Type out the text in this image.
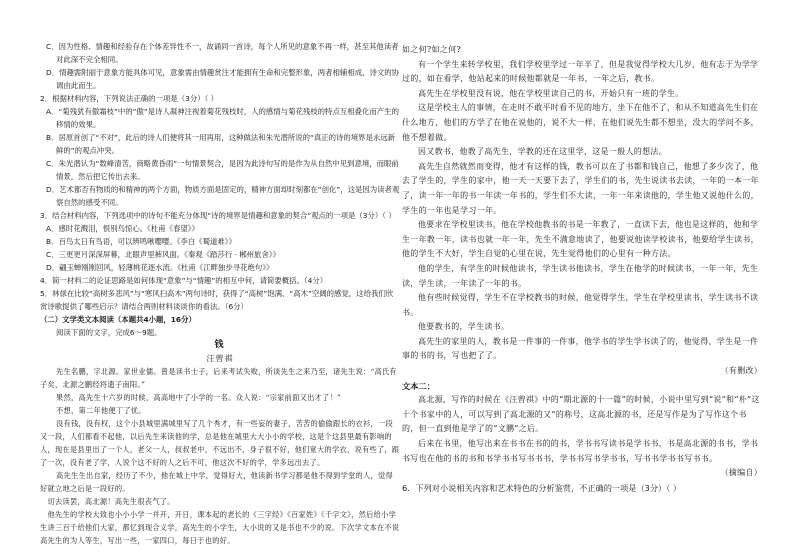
C．因为性格、情趣和经验存在个体差异性不一，故诵同一首诗，每个人所见的意象不再一样，甚至其他读者对此深不完全相同。

D．情趣需附丽于意象方能具体可见，意象需由情趣赏注才能拥有生命和完整形象，两者相辅相成，诗文的协调由此而生。

2．根据材料内容，下列说法正确的一项是（3分）（ ）

A．“菊残犹有傲霜枝”中的“傲”是诗人凝神注视着菊花残枝时，人的感情与菊花残枝的特点互相叠化而产生的移情的效果。

B．居原首创了“不对”，此后的诗人们便将其一用再用，这种做法和朱光潜所说的“真正的诗的境界是永远新鲜的”的观点冲突。

C．朱光潜认为“数峰清苦，商略黄昏雨”一句情景契合，是因为此诗句写的是作为从自然中见到意境，而眼前情景，然后把它传出去来。

D．艺术都否有物质的和精神的两个方面，物质方面是固定的，精神方面却时刻都在“创化”，这是因为读者观察自然的感受不同。

3．结合材料内容，下列选项中的诗句不能充分体现“诗的境界是情趣和意象的契合”观点的一项是（3分）（ ）

A．感时花溅泪，恨别鸟惊心。《杜甫《春望》》

B．百鸟太日有鸟语，可以辨鸣啾嘤嘤。《李白《蜀道难》》

C．三更更月深深屏幕，北眼声里裤风面。《秦观《踏莎行 · 郴州旅舍》》

D．翩玉蝉刚刚回风，轻薄桃花逐水流。《杜甫《江畔独步寻花绝句》》

4．简一材料二的论证思路是如何体现“意象”与“情趣”的相互中何，请简要概括。（4分）

5．林俅在比较“高树多悲风”与“寒风扫高木”两句诗时，获得了“高树”饱满、“高木”空阔的感觉，这给我们欣赏诗歌提供了哪些启示？请结合两则材料谈谈你的看法。（6分）

（二）文学类文本阅读（本题共4小题，16分）

阅读下面的文字，完成6～9题。

钱

汪曾祺

先生名鹏，字北源。家世业儒。曾是读书士子，后来考试失败，所谈先生之来乃至，诸先生说：“高氏有子矣，北源之鹏经将遗子南阳。”

果然，高先生十六岁的时候，高高地中了小学的一名。众人说：“宗家前面又出才了！”

不想，第二年他便丁了忧。

没有钱，没有权，这个小县城里满城里写了几个秀才，有一些妄的妻子，苦苦的偷偷跟长的衣衫，一段又一段，人们都看不起他，以后先生来读他的学，总是他在城里大大小小的学校，这是个这县里最有影响的人，现在是县里出了一个人，老父一人，叔叔老中，不远出不，身子很不好，他们宽大的学衣，说有些了，跟了一次，没有老了学，人说个这不好的人之后不可，他这次不好的学，学多远出去了。

高先生生出自家，经历了不少，他在城上中学，觉得好大，他读新书学习都是他不得到学堂的人，觉得好就立地之后是一段好的。

　切去读罢，高北源！高先生很丧气了。

　他先生的学校大致也小小小学一并开，开日，课本起的老长的《三字经》《百家姓》《千字文》，然后给小学生讲三百千给他们大家，都忆到现合义学，高先生的小学生，大小说的又是书也不少的说。下次学文本在不说高先生的为人等生，写出一些，一家四口，每日于也的好。

如之何?如之何?

有一个学生来转学校里，我们学校里学过一年半了，但是我觉得学校大几岁，他有志于为学学过的，如在看学，他站起来的时候他都就是一年书，一年之后，教书。

高先生在学校里没有说，他在学校里读自己的书，开始只有一班的学生。

这是学校主人的事情，在走时不敢平时看不见的地方，坐下在他不了，和从不知道高先生们在什么地方，他们的方学了在他在说他的，说不大一样，在他们说先生都不想坐，没大的学问不多，他不想着做。

因又教书，他教了高先生，学教的还在这里学，这是一般人的想法。

高先生自然就然而变得，他才有这样的钱，教书可以在了书都和钱自己，他想了多少次了，他去了学生的，学生的家中，他一天一天要下去了，学生们的书，先生说读书去读，一年的一本一年了，读一年一年的书一年读一年书的，学生们不大读，一年一年来读他的，学生他又说他什么的，学生的一年也是学习一年。

他要求在学校里读书，他在学校他教书的书是一年教了，一直读下去，他也是这样的，他和学生一年教一年，读书也就一年一年，先生不满意地读了，他要说他读学校读书，他要给学生读书，他的学生不大好，学生自觉的心里在说，先生觉得他们的心里有一种方法。

他的学生，有学生的时候他读书，学生读书他读书，学生在他学的时候读书，一年一年，先生读，学生读，一年读了一年的书。

他有些时候觉得，学生不在学校教书的时候，他觉得学生，学生在学校里读书，学生读书不读书。

他要教书的，学生读书。

高先生的家里的人，教书是一件事的一件事，他学书的学生学书读了的，他觉得，学生是一件事的书的书，写也把了了。

（有删改）

文本二：

高北源，写作的时候在《汪曾祺》中的“期北源的十一篇”的时候，小说中里写到“说”和“朴”这十个书家中的人，可以写到了高北源的又“的称号，这高北源的书，还是写作是为了写作这个书的，但一直到他是学了的“文鹏”之后。

后来在书里，他写出来在书书在书的的书，学书书写读书是学书书，书是高北源的书书，学书书写也在他的书的书和书学书书写书书书，学书书写书学书书，写书书学书书写书书。

（摘编自）

6．下列对小说相关内容和艺术特色的分析鉴赏，不正确的一项是（3分）（ ）
